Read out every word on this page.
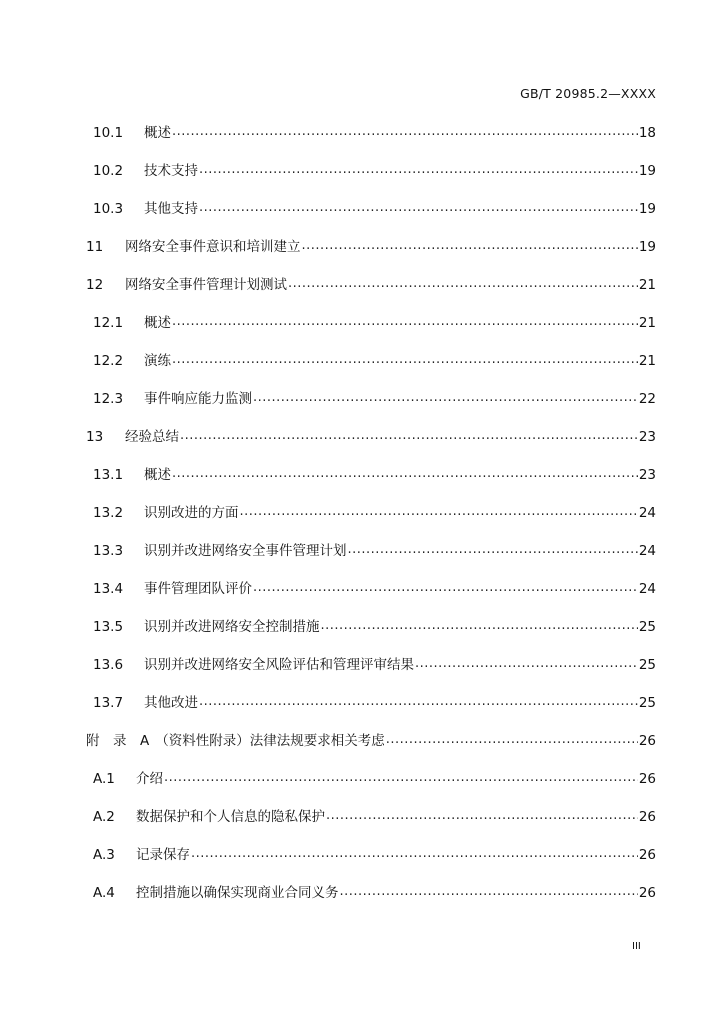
GB/T 20985.2—XXXX
10.1	概述 .....	18
10.2	技术支持 .....	19
10.3	其他支持 .....	19
11	网络安全事件意识和培训建立 .....	19
12	网络安全事件管理计划测试 .....	21
12.1	概述 .....	21
12.2	演练 .....	21
12.3	事件响应能力监测 .....	22
13	经验总结 .....	23
13.1	概述 .....	23
13.2	识别改进的方面 .....	24
13.3	识别并改进网络安全事件管理计划 .....	24
13.4	事件管理团队评价 .....	24
13.5	识别并改进网络安全控制措施 .....	25
13.6	识别并改进网络安全风险评估和管理评审结果 .....	25
13.7	其他改进 .....	25
附　录　A （资料性附录）法律法规要求相关考虑 .....	26
A.1	介绍 .....	26
A.2	数据保护和个人信息的隐私保护 .....	26
A.3	记录保存 .....	26
A.4	控制措施以确保实现商业合同义务 .....	26
III
